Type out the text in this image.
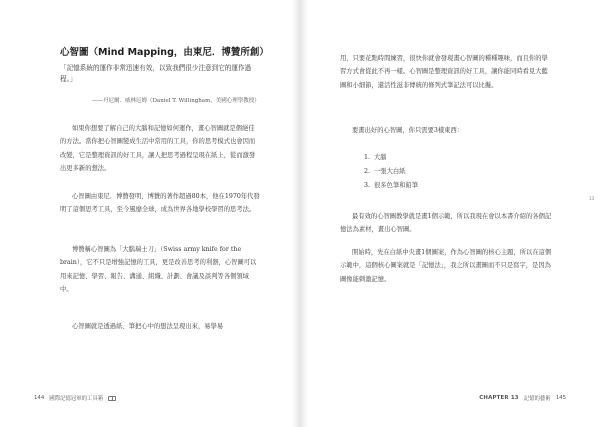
心智圖（Mind Mapping，由東尼．博贊所創）
「記憶系統的運作非常迅速有效，以致我們很少注意到它的運作過程。」
——丹尼爾．威林厄姆（Daniel T. Willingham，美國心理學教授）

如果你想要了解自己的大腦和記憶如何運作，畫心智圖就是個絕佳的方法。當你把心智圖變成生活中常用的工具，你的思考模式也會因而改變，它是整理資訊的好工具，讓人把思考過程呈現在紙上，從而激發出更多新的想法。

心智圖由東尼．博贊發明，博贊的著作超過80本，他在1970年代發明了這個思考工具，至今風靡全球，成為世界各地學校學習的思考法。

博贊稱心智圖為「大腦瑞士刀」（Swiss army knife for the brain），它不只是增強記憶的工具，更是改善思考的利器，心智圖可以用來記憶、學習、報告、溝通、組織、計劃、會議及談判等各個領域中。

心智圖就是透過紙、筆把心中的想法呈現出來，易學易

144 國際記憶冠軍的工具箱

用，只要花點時間練習，很快你就會發現畫心智圖的種種趣味，而且你的學習方式會從此不再一樣。心智圖是整理資訊的好工具，讓你能同時看見大藍圖和小細節，還活性滋非傳統的條列式筆記法可以比擬。

要畫出好的心智圖，你只需要3樣東西：

1. 大腦
2. 一張大白紙
3. 很多色筆和鉛筆

最有效的心智圖教學就是畫1個示範，所以我現在會以本書介紹的各個記憶法為素材，畫出心智圖。

開始時，先在白紙中央畫1個圖案，作為心智圖的核心主題，所以在這個示範中，這個核心圖案就是「記憶法」，我之所以畫圖而不只是寫字，是因為圖像能刺激記憶。

13
CHAPTER 13 記憶的藝術 145
